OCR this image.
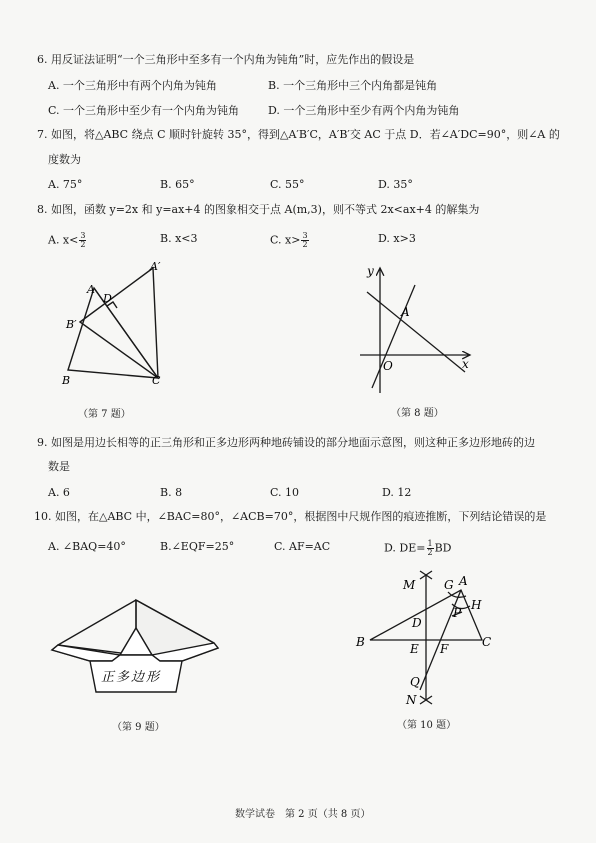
6. 用反证法证明“一个三角形中至多有一个内角为钝角”时，应先作出的假设是
A. 一个三角形中有两个内角为钝角	B. 一个三角形中三个内角都是钝角
C. 一个三角形中至少有一个内角为钝角	D. 一个三角形中至少有两个内角为钝角
7. 如图，将△ABC 绕点 C 顺时针旋转 35°，得到△A′B′C，A′B′交 AC 于点 D．若∠A′DC=90°，则∠A 的
度数为
A. 75°	B. 65°	C. 55°	D. 35°
8. 如图，函数 y=2x 和 y=ax+4 的图象相交于点 A(m,3)，则不等式 2x<ax+4 的解集为
A. $x< \frac{3}{2}$	B. x<3	C. $x> \frac{3}{2}$	D. x>3
A
A′
D
B′
B	C
（第 7 题）
y
x
O
A
（第 8 题）
9. 如图是用边长相等的正三角形和正多边形两种地砖铺设的部分地面示意图，则这种正多边形地砖的边
数是
A. 6	B. 8	C. 10	D. 12
10. 如图，在△ABC 中，∠BAC=80°，∠ACB=70°，根据图中尺规作图的痕迹推断，下列结论错误的是
A. ∠BAQ=40°	B.∠EQF=25°	C. AF=AC	D. $DE= \frac{1}{2}$ BD
正多边形
（第 9 题）
M G A
H
P
D
B	E F	C
Q
N
（第 10 题）
数学试卷　第 2 页（共 8 页）
